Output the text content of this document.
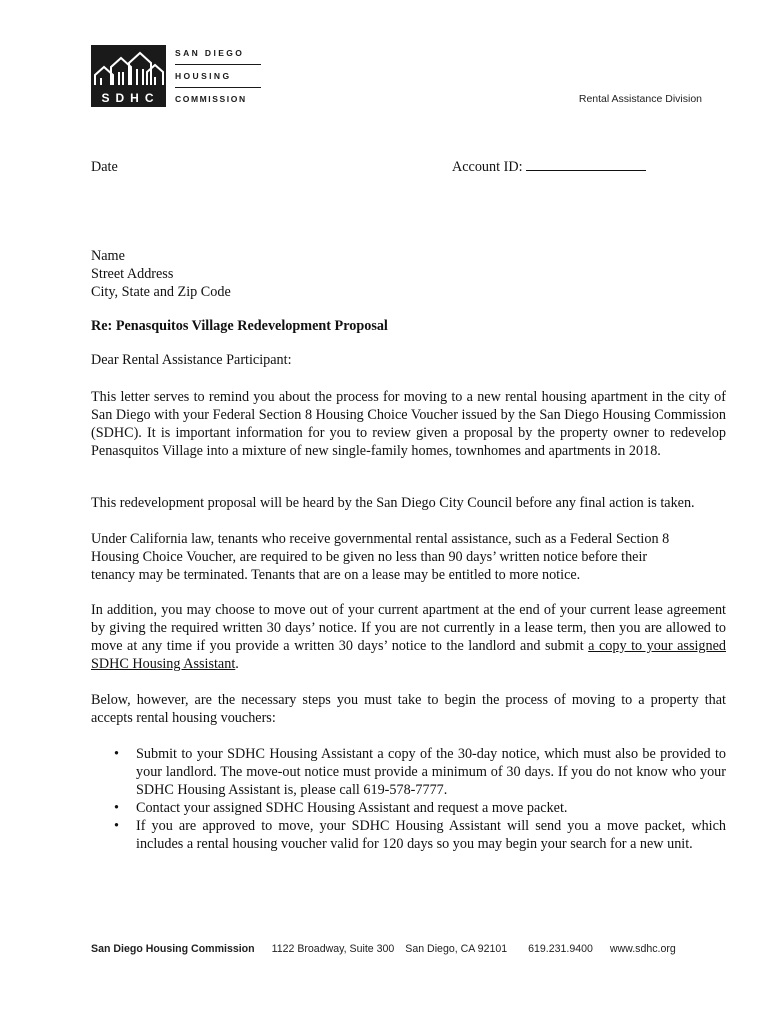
SDHC
SAN DIEGO
HOUSING
COMMISSION	Rental Assistance Division
Date	Account ID:
Name
Street Address
City, State and Zip Code
Re: Penasquitos Village Redevelopment Proposal
Dear Rental Assistance Participant:
This letter serves to remind you about the process for moving to a new rental housing apartment in the city of San Diego with your Federal Section 8 Housing Choice Voucher issued by the San Diego Housing Commission (SDHC). It is important information for you to review given a proposal by the property owner to redevelop Penasquitos Village into a mixture of new single-family homes, townhomes and apartments in 2018.
This redevelopment proposal will be heard by the San Diego City Council before any final action is taken.
Under California law, tenants who receive governmental rental assistance, such as a Federal Section 8 Housing Choice Voucher, are required to be given no less than 90 days’ written notice before their tenancy may be terminated. Tenants that are on a lease may be entitled to more notice.
In addition, you may choose to move out of your current apartment at the end of your current lease agreement by giving the required written 30 days’ notice. If you are not currently in a lease term, then you are allowed to move at any time if you provide a written 30 days’ notice to the landlord and submit a copy to your assigned SDHC Housing Assistant.
Below, however, are the necessary steps you must take to begin the process of moving to a property that accepts rental housing vouchers:
• Submit to your SDHC Housing Assistant a copy of the 30-day notice, which must also be provided to your landlord. The move-out notice must provide a minimum of 30 days. If you do not know who your SDHC Housing Assistant is, please call 619-578-7777.
• Contact your assigned SDHC Housing Assistant and request a move packet.
• If you are approved to move, your SDHC Housing Assistant will send you a move packet, which includes a rental housing voucher valid for 120 days so you may begin your search for a new unit.
San Diego Housing Commission 1122 Broadway, Suite 300 San Diego, CA 92101 619.231.9400 www.sdhc.org
